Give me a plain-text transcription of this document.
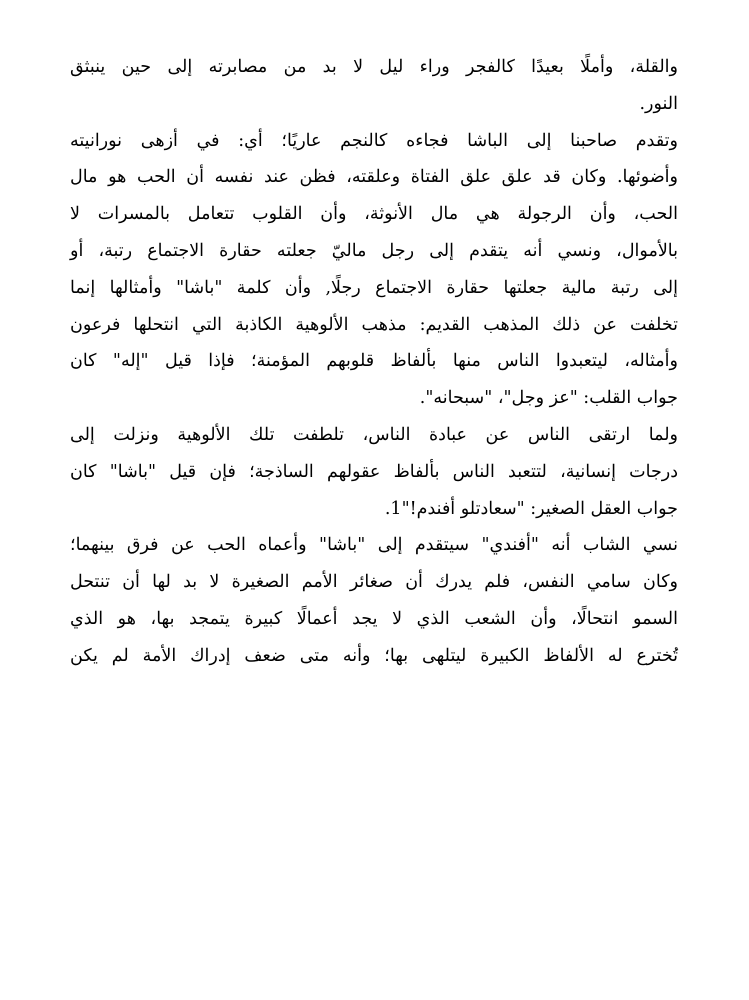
والقلة، وأملًا بعيدًا كالفجر وراء ليل لا بد من مصابرته إلى حين ينبثق
النور.
وتقدم صاحبنا إلى الباشا فجاءه كالنجم عاريًا؛ أي: في أزهى نورانيته
وأضوئها. وكان قد علق علق الفتاة وعلقته، فظن عند نفسه أن الحب هو مال
الحب، وأن الرجولة هي مال الأنوثة، وأن القلوب تتعامل بالمسرات لا
بالأموال، ونسي أنه يتقدم إلى رجل ماليّ جعلته حقارة الاجتماع رتبة، أو
إلى رتبة مالية جعلتها حقارة الاجتماع رجلًا, وأن كلمة "باشا" وأمثالها إنما
تخلفت عن ذلك المذهب القديم: مذهب الألوهية الكاذبة التي انتحلها فرعون
وأمثاله، ليتعبدوا الناس منها بألفاظ قلوبهم المؤمنة؛ فإذا قيل "إله" كان
جواب القلب: "عز وجل"، "سبحانه".
ولما ارتقى الناس عن عبادة الناس، تلطفت تلك الألوهية ونزلت إلى
درجات إنسانية، لتتعبد الناس بألفاظ عقولهم الساذجة؛ فإن قيل "باشا" كان
جواب العقل الصغير: "سعادتلو أفندم!"1.
نسي الشاب أنه "أفندي" سيتقدم إلى "باشا" وأعماه الحب عن فرق بينهما؛
وكان سامي النفس، فلم يدرك أن صغائر الأمم الصغيرة لا بد لها أن تنتحل
السمو انتحالًا، وأن الشعب الذي لا يجد أعمالًا كبيرة يتمجد بها، هو الذي
تُخترع له الألفاظ الكبيرة ليتلهى بها؛ وأنه متى ضعف إدراك الأمة لم يكن
